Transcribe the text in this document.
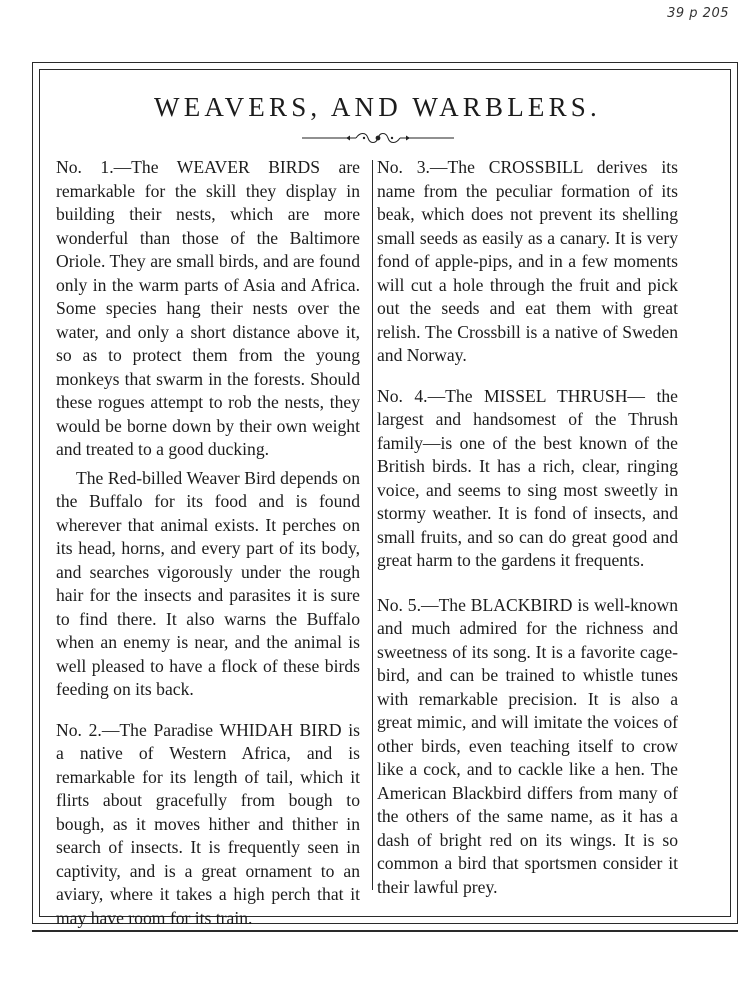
39 p 205
WEAVERS, AND WARBLERS.

No. 1.—The WEAVER BIRDS are remarkable for the skill they display in building their nests, which are more wonderful than those of the Baltimore Oriole. They are small birds, and are found only in the warm parts of Asia and Africa. Some species hang their nests over the water, and only a short distance above it, so as to protect them from the young monkeys that swarm in the forests. Should these rogues attempt to rob the nests, they would be borne down by their own weight and treated to a good ducking.

The Red-billed Weaver Bird depends on the Buffalo for its food and is found wherever that animal exists. It perches on its head, horns, and every part of its body, and searches vigorously under the rough hair for the insects and parasites it is sure to find there. It also warns the Buffalo when an enemy is near, and the animal is well pleased to have a flock of these birds feeding on its back.

No. 2.—The Paradise WHIDAH BIRD is a native of Western Africa, and is remarkable for its length of tail, which it flirts about gracefully from bough to bough, as it moves hither and thither in search of insects. It is frequently seen in captivity, and is a great ornament to an aviary, where it takes a high perch that it may have room for its train.

No. 3.—The CROSSBILL derives its name from the peculiar formation of its beak, which does not prevent its shelling small seeds as easily as a canary. It is very fond of apple-pips, and in a few moments will cut a hole through the fruit and pick out the seeds and eat them with great relish. The Crossbill is a native of Sweden and Norway.

No. 4.—The MISSEL THRUSH— the largest and handsomest of the Thrush family—is one of the best known of the British birds. It has a rich, clear, ringing voice, and seems to sing most sweetly in stormy weather. It is fond of insects, and small fruits, and so can do great good and great harm to the gardens it frequents.

No. 5.—The BLACKBIRD is well-known and much admired for the richness and sweetness of its song. It is a favorite cage-bird, and can be trained to whistle tunes with remarkable precision. It is also a great mimic, and will imitate the voices of other birds, even teaching itself to crow like a cock, and to cackle like a hen. The American Blackbird differs from many of the others of the same name, as it has a dash of bright red on its wings. It is so common a bird that sportsmen consider it their lawful prey.
